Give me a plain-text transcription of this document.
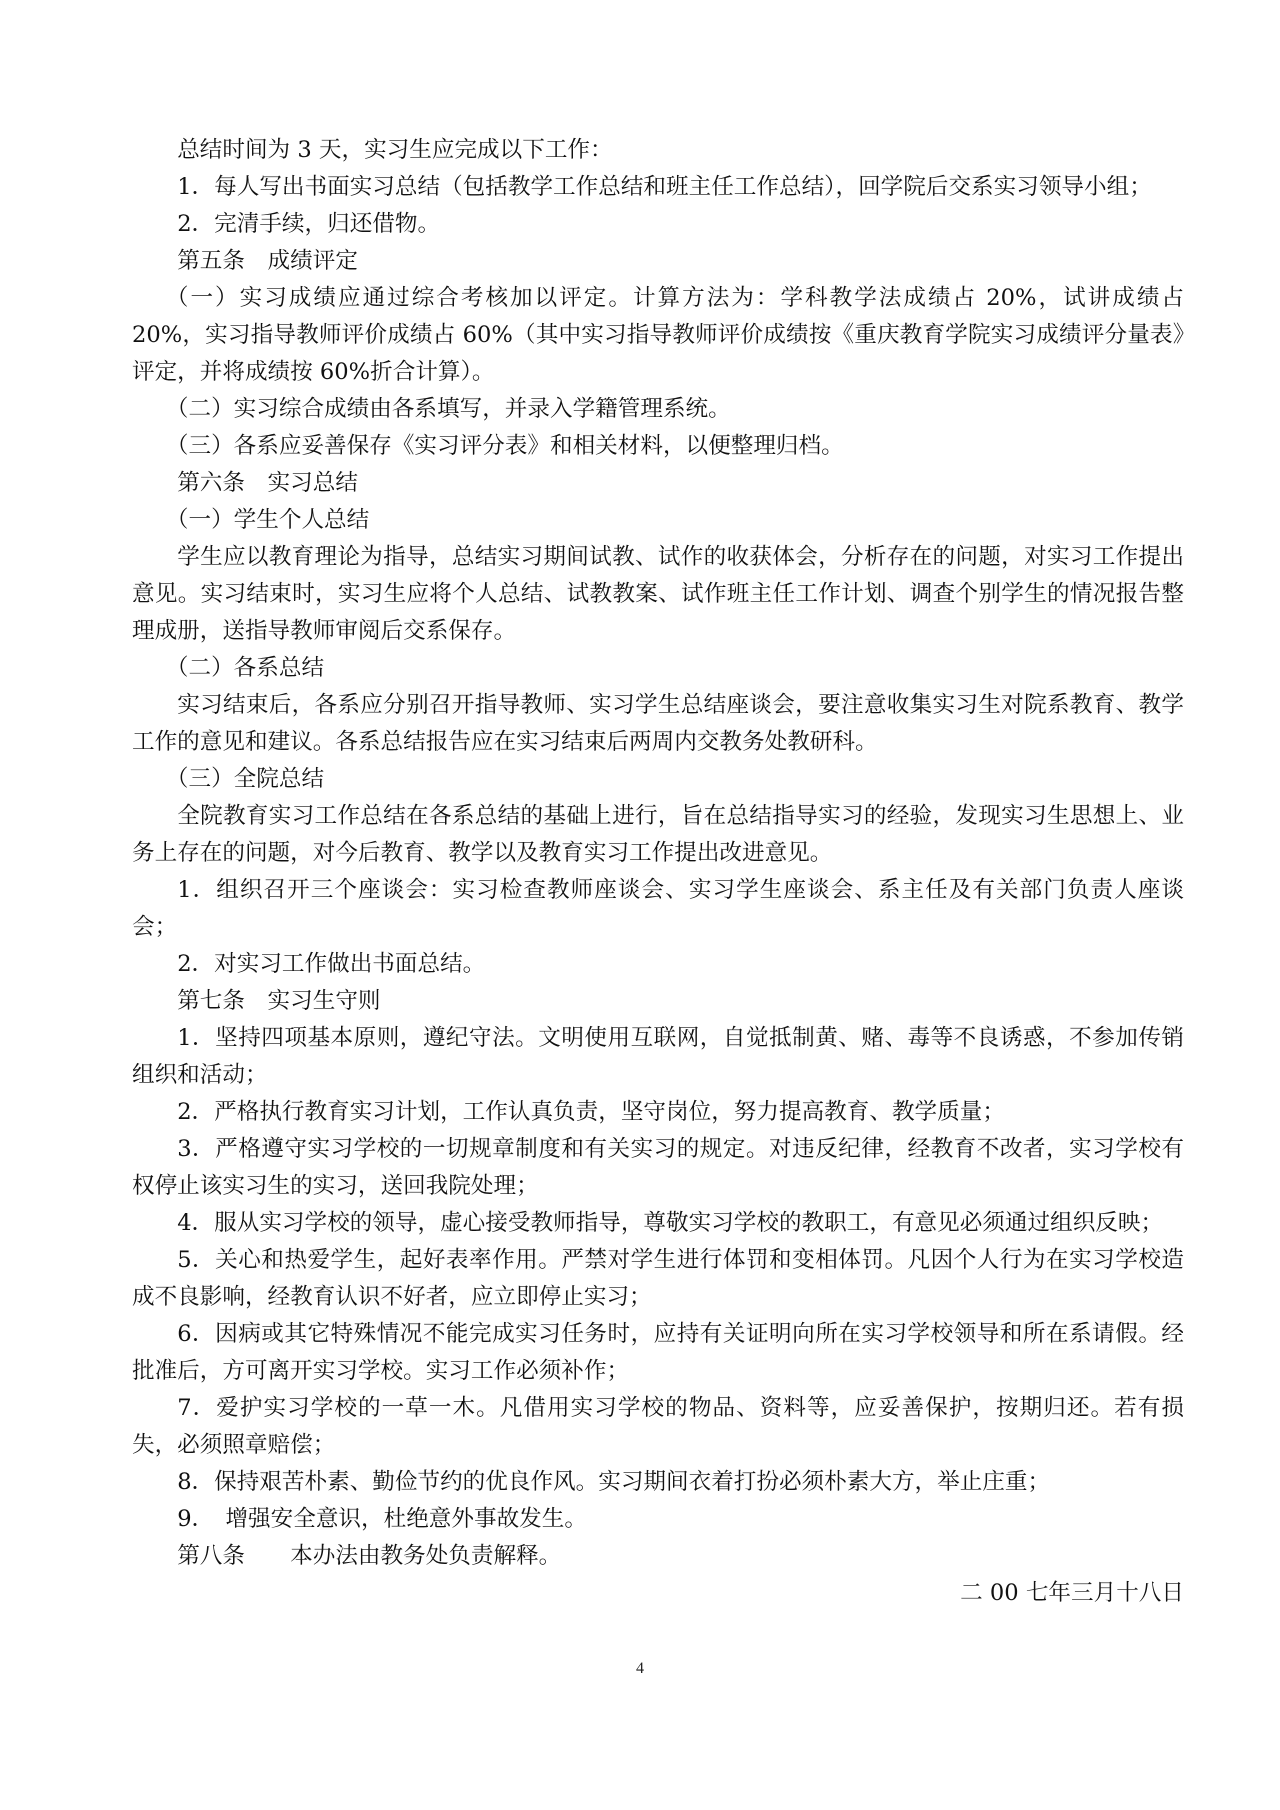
总结时间为 3 天，实习生应完成以下工作：

1．每人写出书面实习总结（包括教学工作总结和班主任工作总结），回学院后交系实习领导小组；

2．完清手续，归还借物。

第五条　成绩评定

（一）实习成绩应通过综合考核加以评定。计算方法为：学科教学法成绩占 20%，试讲成绩占 20%，实习指导教师评价成绩占 60%（其中实习指导教师评价成绩按《重庆教育学院实习成绩评分量表》评定，并将成绩按 60%折合计算）。

（二）实习综合成绩由各系填写，并录入学籍管理系统。

（三）各系应妥善保存《实习评分表》和相关材料，以便整理归档。

第六条　实习总结

（一）学生个人总结

学生应以教育理论为指导，总结实习期间试教、试作的收获体会，分析存在的问题，对实习工作提出意见。实习结束时，实习生应将个人总结、试教教案、试作班主任工作计划、调查个别学生的情况报告整理成册，送指导教师审阅后交系保存。

（二）各系总结

实习结束后，各系应分别召开指导教师、实习学生总结座谈会，要注意收集实习生对院系教育、教学工作的意见和建议。各系总结报告应在实习结束后两周内交教务处教研科。

（三）全院总结

全院教育实习工作总结在各系总结的基础上进行，旨在总结指导实习的经验，发现实习生思想上、业务上存在的问题，对今后教育、教学以及教育实习工作提出改进意见。

1．组织召开三个座谈会：实习检查教师座谈会、实习学生座谈会、系主任及有关部门负责人座谈会；

2．对实习工作做出书面总结。

第七条　实习生守则

1．坚持四项基本原则，遵纪守法。文明使用互联网，自觉抵制黄、赌、毒等不良诱惑，不参加传销组织和活动；

2．严格执行教育实习计划，工作认真负责，坚守岗位，努力提高教育、教学质量；

3．严格遵守实习学校的一切规章制度和有关实习的规定。对违反纪律，经教育不改者，实习学校有权停止该实习生的实习，送回我院处理；

4．服从实习学校的领导，虚心接受教师指导，尊敬实习学校的教职工，有意见必须通过组织反映；

5．关心和热爱学生，起好表率作用。严禁对学生进行体罚和变相体罚。凡因个人行为在实习学校造成不良影响，经教育认识不好者，应立即停止实习；

6．因病或其它特殊情况不能完成实习任务时，应持有关证明向所在实习学校领导和所在系请假。经批准后，方可离开实习学校。实习工作必须补作；

7．爱护实习学校的一草一木。凡借用实习学校的物品、资料等，应妥善保护，按期归还。若有损失，必须照章赔偿；

8．保持艰苦朴素、勤俭节约的优良作风。实习期间衣着打扮必须朴素大方，举止庄重；

9．　增强安全意识，杜绝意外事故发生。

第八条　　本办法由教务处负责解释。

二 00 七年三月十八日

4
